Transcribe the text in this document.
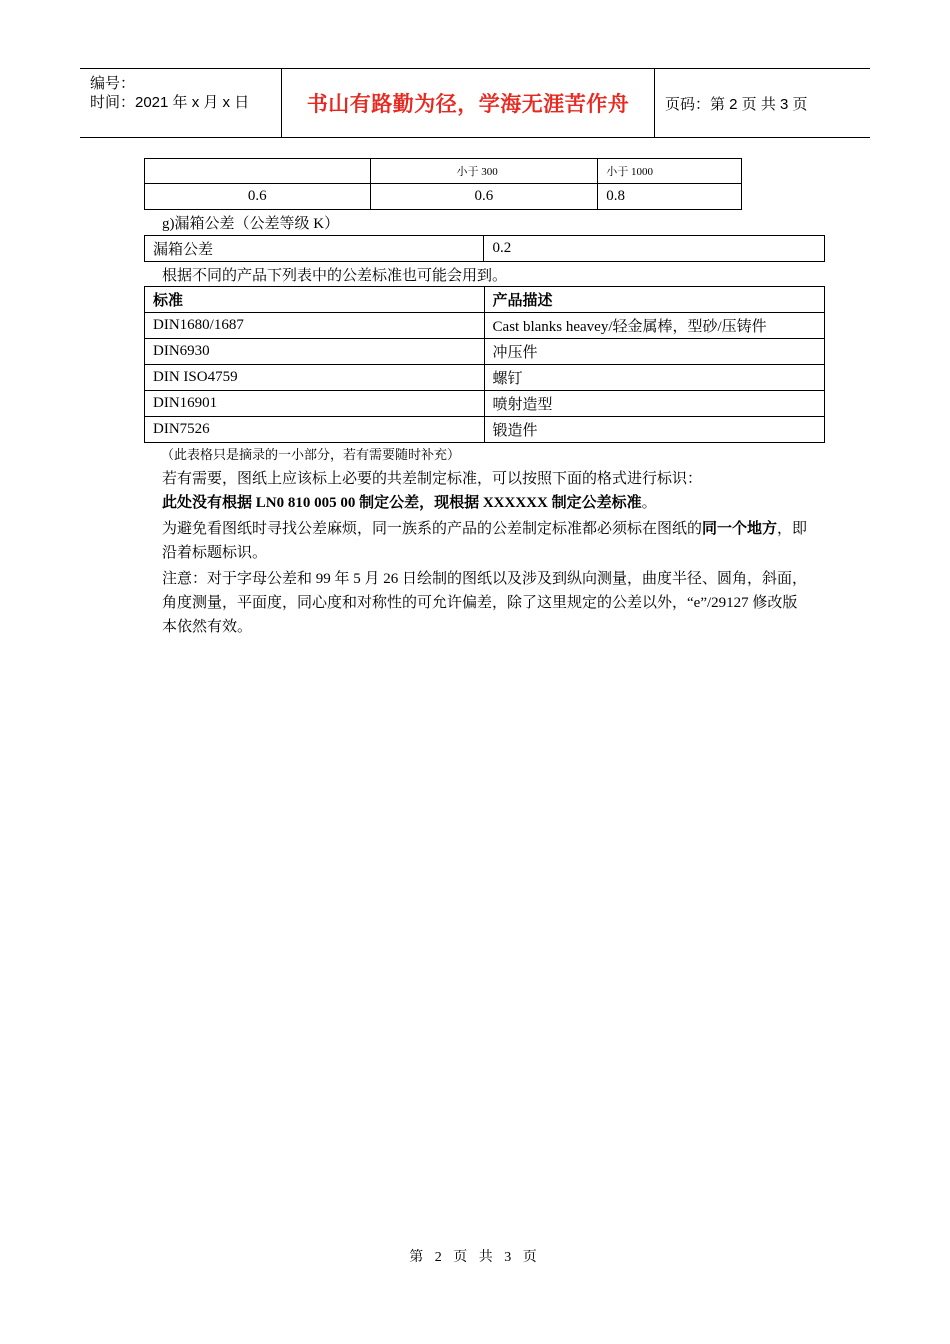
编号：
时间：2021 年 x 月 x 日	书山有路勤为径，学海无涯苦作舟 页码：第 2 页 共 3 页
	小于 300	小于 1000
0.6	0.6	0.8
g)漏箱公差（公差等级 K）
漏箱公差	0.2
根据不同的产品下列表中的公差标准也可能会用到。
标准	产品描述
DIN1680/1687	Cast blanks heavey/轻金属棒，型砂/压铸件
DIN6930	冲压件
DIN ISO4759	螺钉
DIN16901	喷射造型
DIN7526	锻造件
（此表格只是摘录的一小部分，若有需要随时补充）
若有需要，图纸上应该标上必要的共差制定标准，可以按照下面的格式进行标识：
此处没有根据 LN0 810 005 00 制定公差，现根据 XXXXXX 制定公差标准。
为避免看图纸时寻找公差麻烦，同一族系的产品的公差制定标准都必须标在图纸的同一个地方，即沿着标题标识。
注意：对于字母公差和 99 年 5 月 26 日绘制的图纸以及涉及到纵向测量，曲度半径、圆角，斜面，角度测量，平面度，同心度和对称性的可允许偏差，除了这里规定的公差以外，“e”/29127 修改版本依然有效。
第 2 页 共 3 页
